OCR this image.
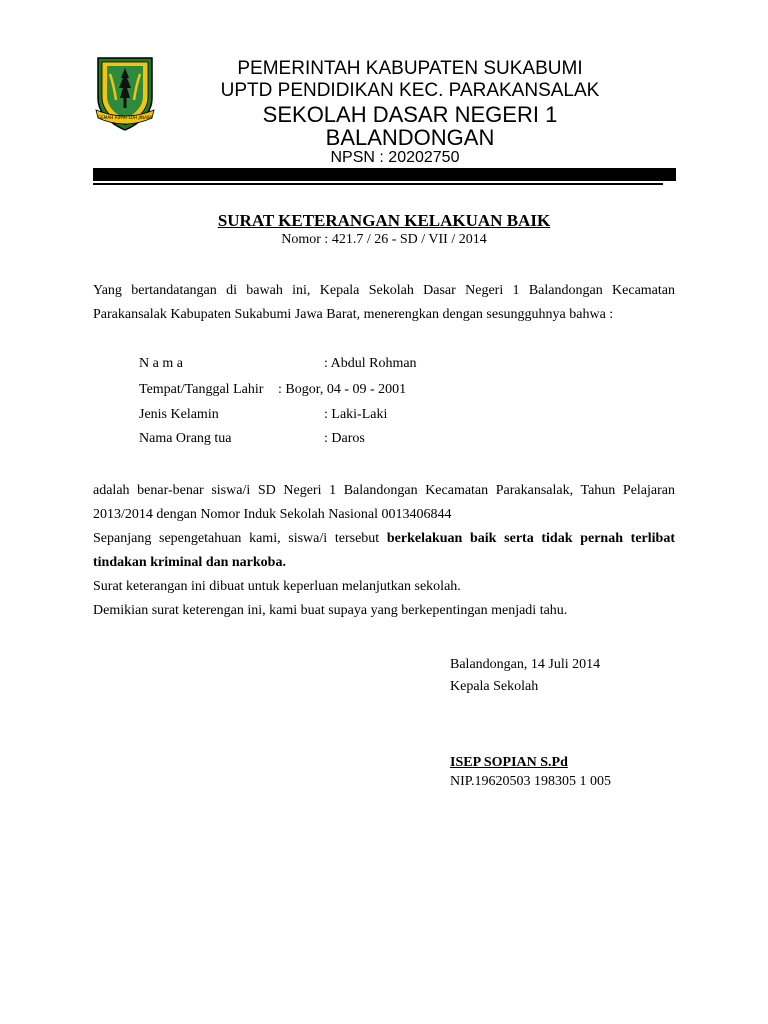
GEMAH RIPAH LOH JINAWI
PEMERINTAH KABUPATEN SUKABUMI
UPTD PENDIDIKAN KEC. PARAKANSALAK
SEKOLAH DASAR NEGERI 1
BALANDONGAN
NPSN : 20202750
SURAT KETERANGAN KELAKUAN BAIK
Nomor : 421.7 / 26 - SD / VII / 2014
Yang bertandatangan di bawah ini, Kepala Sekolah Dasar Negeri 1 Balandongan Kecamatan Parakansalak Kabupaten Sukabumi Jawa Barat, menerengkan dengan sesungguhnya bahwa :
N a m a	: Abdul Rohman
Tempat/Tanggal Lahir	: Bogor, 04 - 09 - 2001
Jenis Kelamin	: Laki-Laki
Nama Orang tua	: Daros
adalah benar-benar siswa/i SD Negeri 1 Balandongan Kecamatan Parakansalak, Tahun Pelajaran 2013/2014 dengan Nomor Induk Sekolah Nasional 0013406844
Sepanjang sepengetahuan kami, siswa/i tersebut berkelakuan baik serta tidak pernah terlibat tindakan kriminal dan narkoba.
Surat keterangan ini dibuat untuk keperluan melanjutkan sekolah.
Demikian surat keterengan ini, kami buat supaya yang berkepentingan menjadi tahu.
Balandongan, 14 Juli 2014
Kepala Sekolah
ISEP SOPIAN S.Pd
NIP.19620503 198305 1 005
